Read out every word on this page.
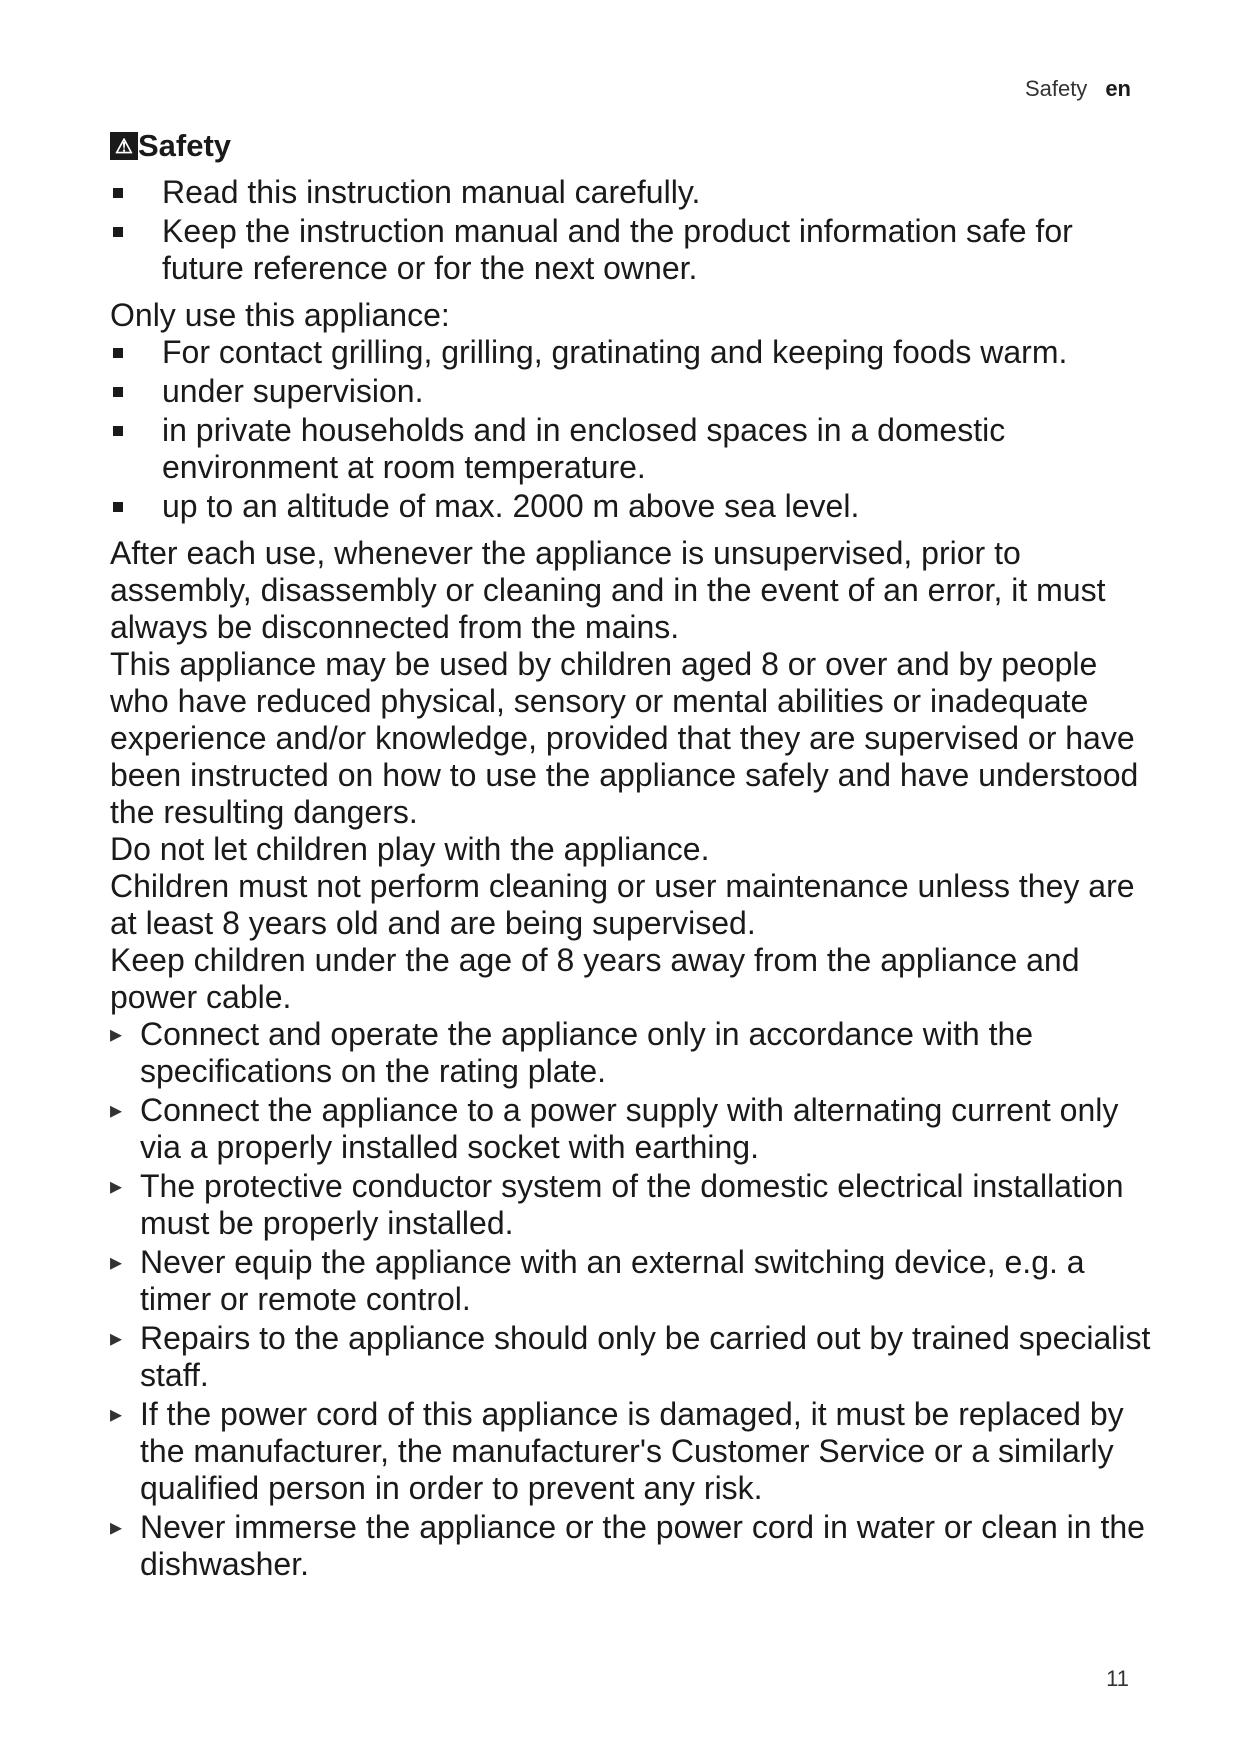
Safety en
⚠ Safety
Read this instruction manual carefully.
Keep the instruction manual and the product information safe for future reference or for the next owner.

Only use this appliance:

For contact grilling, grilling, gratinating and keeping foods warm.
under supervision.
in private households and in enclosed spaces in a domestic environment at room temperature.
up to an altitude of max. 2000 m above sea level.

After each use, whenever the appliance is unsupervised, prior to assembly, disassembly or cleaning and in the event of an error, it must always be disconnected from the mains.

This appliance may be used by children aged 8 or over and by people who have reduced physical, sensory or mental abilities or inadequate experience and/or knowledge, provided that they are supervised or have been instructed on how to use the appliance safely and have understood the resulting dangers.

Do not let children play with the appliance.

Children must not perform cleaning or user maintenance unless they are at least 8 years old and are being supervised.

Keep children under the age of 8 years away from the appliance and power cable.

▸ Connect and operate the appliance only in accordance with the specifications on the rating plate.
▸ Connect the appliance to a power supply with alternating current only via a properly installed socket with earthing.
▸ The protective conductor system of the domestic electrical installation must be properly installed.
▸ Never equip the appliance with an external switching device, e.g. a timer or remote control.
▸ Repairs to the appliance should only be carried out by trained specialist staff.
▸ If the power cord of this appliance is damaged, it must be replaced by the manufacturer, the manufacturer's Customer Service or a similarly qualified person in order to prevent any risk.
▸ Never immerse the appliance or the power cord in water or clean in the dishwasher.
11
